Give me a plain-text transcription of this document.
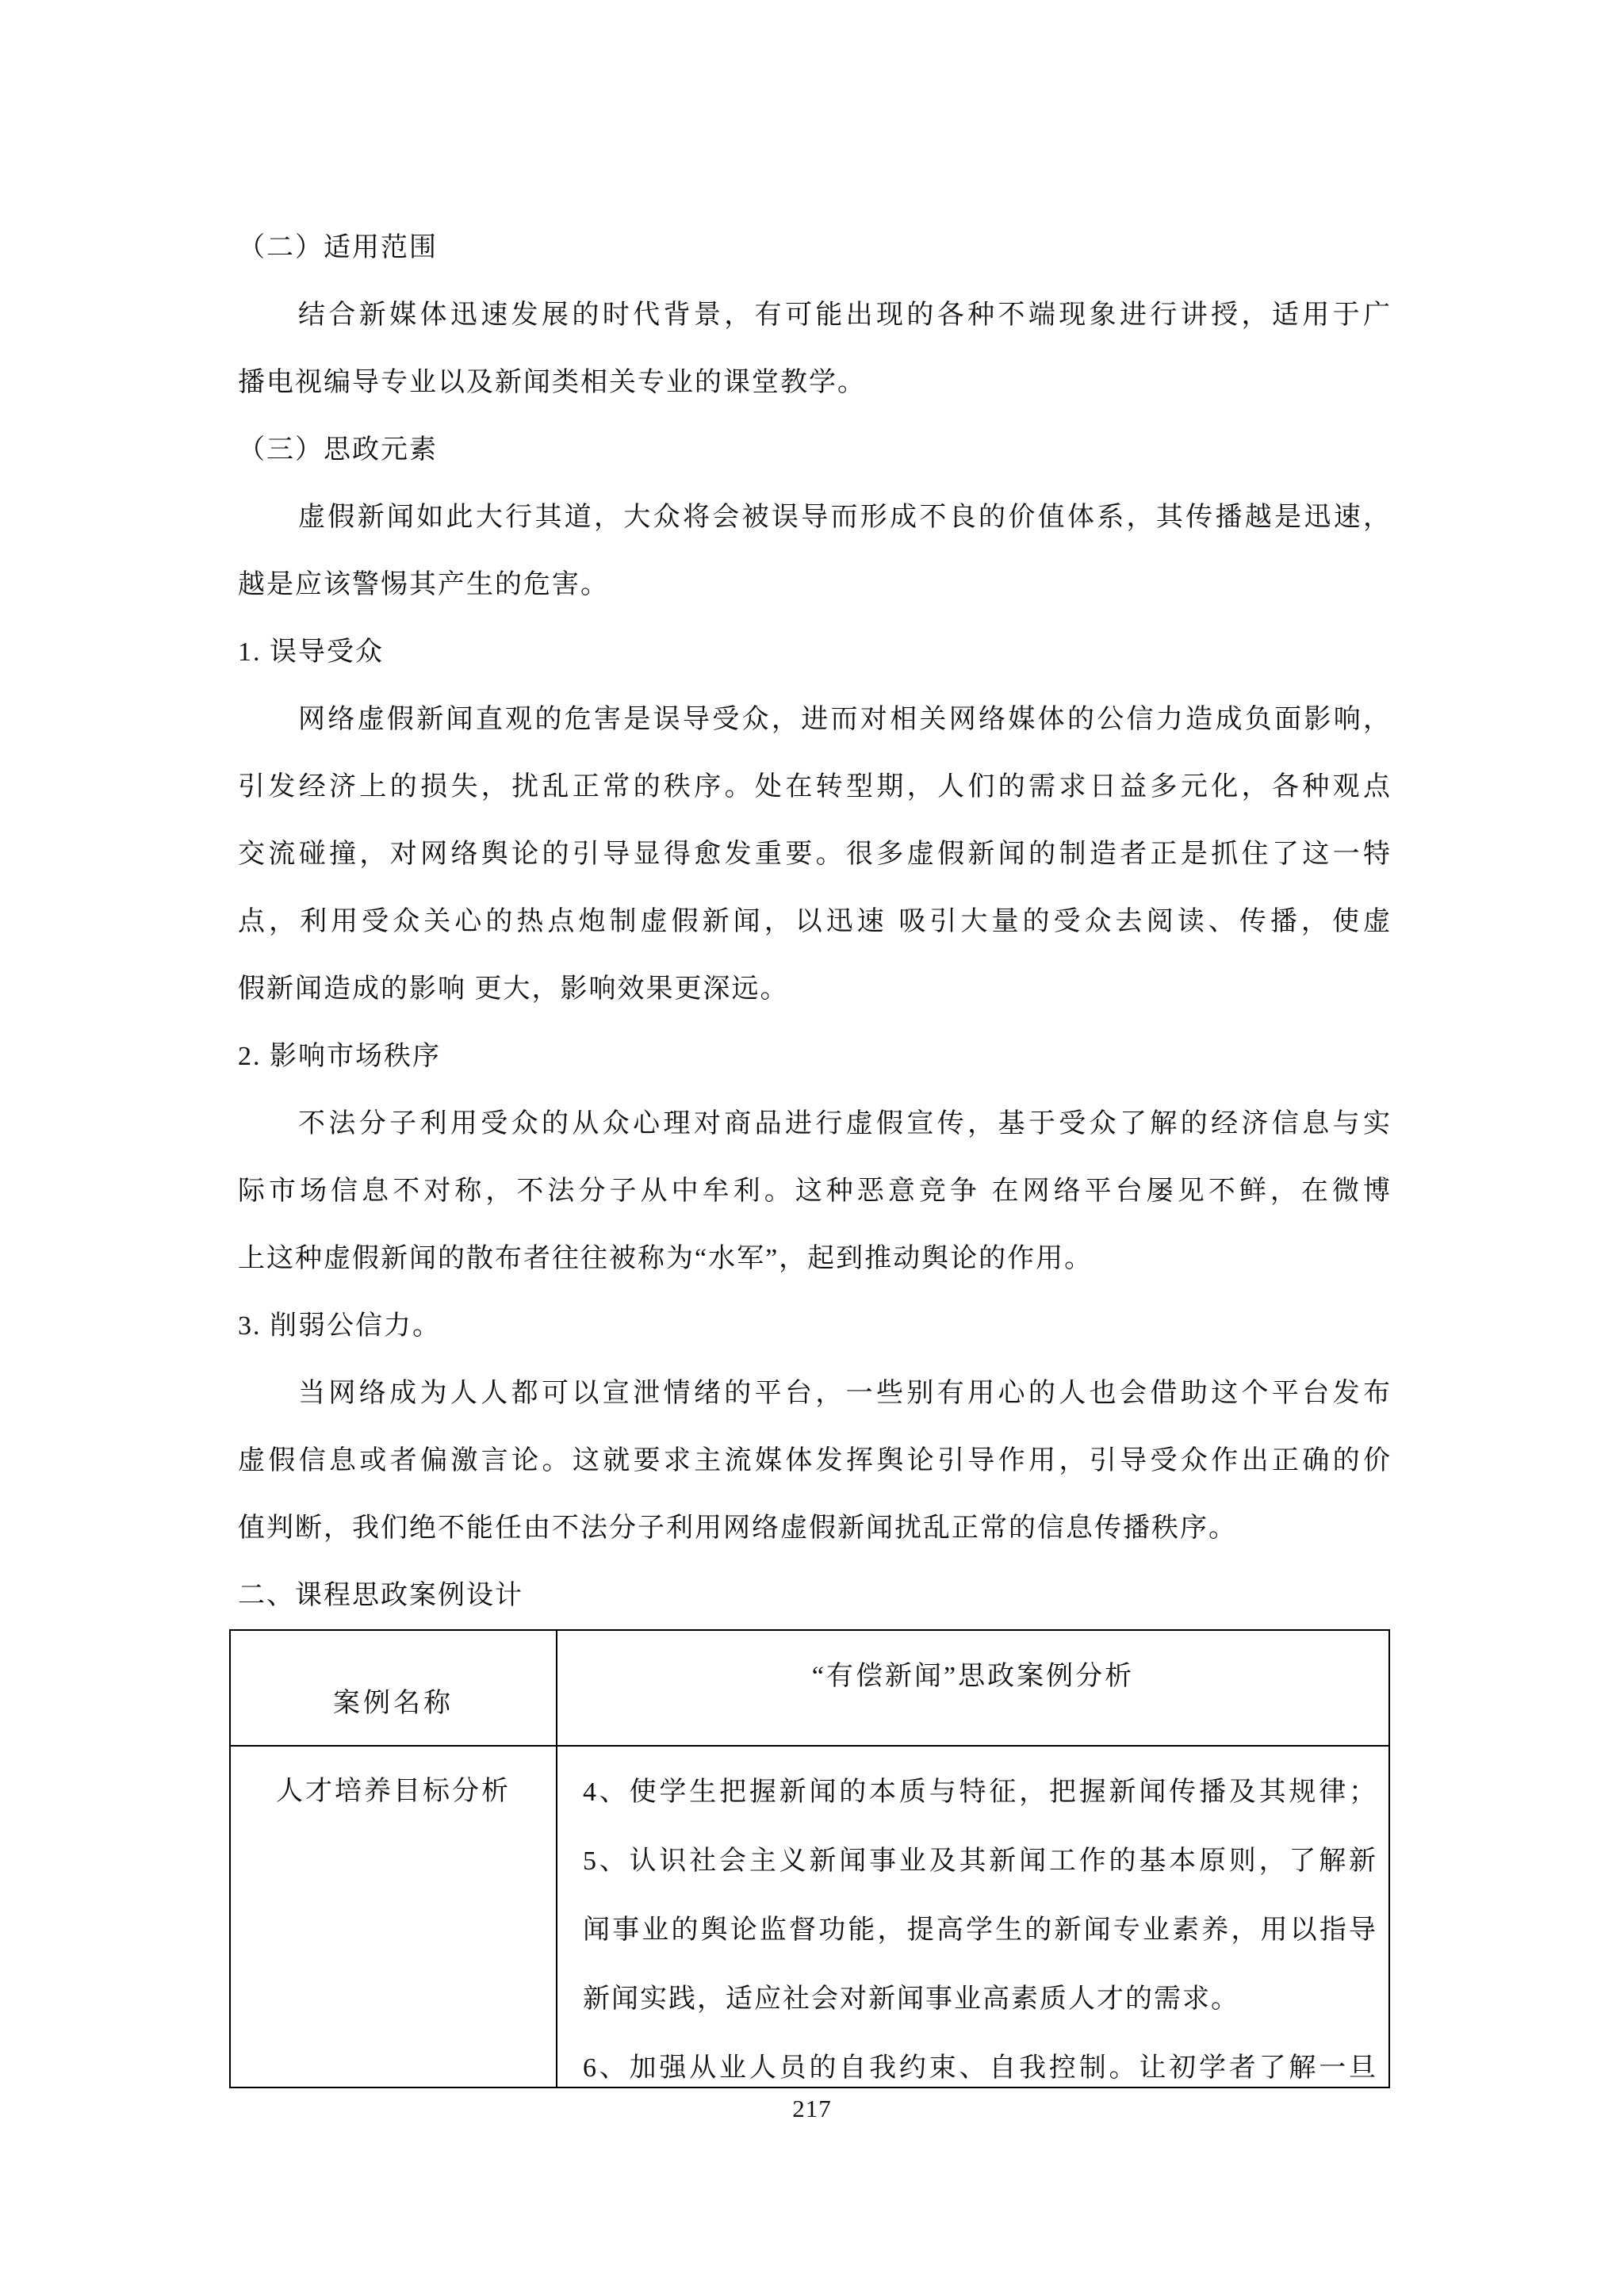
（二）适用范围
结合新媒体迅速发展的时代背景，有可能出现的各种不端现象进行讲授，适用于广
播电视编导专业以及新闻类相关专业的课堂教学。
（三）思政元素
虚假新闻如此大行其道，大众将会被误导而形成不良的价值体系，其传播越是迅速，
越是应该警惕其产生的危害。
1. 误导受众
网络虚假新闻直观的危害是误导受众，进而对相关网络媒体的公信力造成负面影响，
引发经济上的损失，扰乱正常的秩序。处在转型期，人们的需求日益多元化，各种观点
交流碰撞，对网络舆论的引导显得愈发重要。很多虚假新闻的制造者正是抓住了这一特
点，利用受众关心的热点炮制虚假新闻，以迅速 吸引大量的受众去阅读、传播，使虚
假新闻造成的影响 更大，影响效果更深远。
2. 影响市场秩序
不法分子利用受众的从众心理对商品进行虚假宣传，基于受众了解的经济信息与实
际市场信息不对称，不法分子从中牟利。这种恶意竞争 在网络平台屡见不鲜，在微博
上这种虚假新闻的散布者往往被称为“水军”，起到推动舆论的作用。
3. 削弱公信力。
当网络成为人人都可以宣泄情绪的平台，一些别有用心的人也会借助这个平台发布
虚假信息或者偏激言论。这就要求主流媒体发挥舆论引导作用，引导受众作出正确的价
值判断，我们绝不能任由不法分子利用网络虚假新闻扰乱正常的信息传播秩序。
二、课程思政案例设计
案例名称
“有偿新闻”思政案例分析
人才培养目标分析	4、使学生把握新闻的本质与特征，把握新闻传播及其规律；
5、认识社会主义新闻事业及其新闻工作的基本原则，了解新
闻事业的舆论监督功能，提高学生的新闻专业素养，用以指导
新闻实践，适应社会对新闻事业高素质人才的需求。
6、加强从业人员的自我约束、自我控制。让初学者了解一旦
217
